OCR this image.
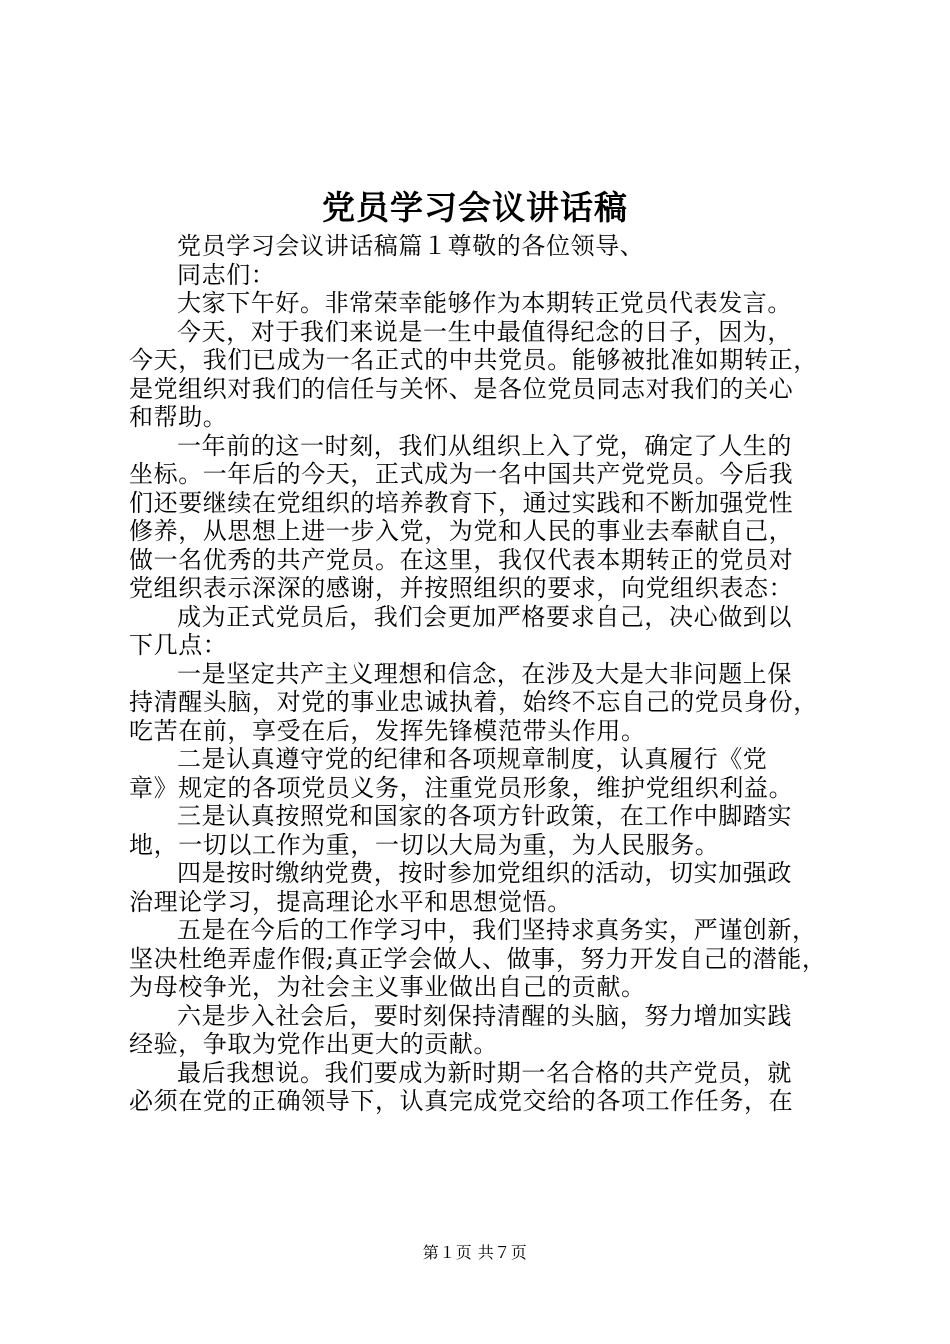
党员学习会议讲话稿

党员学习会议讲话稿篇１尊敬的各位领导、

同志们：

大家下午好。非常荣幸能够作为本期转正党员代表发言。

今天，对于我们来说是一生中最值得纪念的日子，因为，
今天，我们已成为一名正式的中共党员。能够被批准如期转正，
是党组织对我们的信任与关怀、是各位党员同志对我们的关心
和帮助。

一年前的这一时刻，我们从组织上入了党，确定了人生的
坐标。一年后的今天，正式成为一名中国共产党党员。今后我
们还要继续在党组织的培养教育下，通过实践和不断加强党性
修养，从思想上进一步入党，为党和人民的事业去奉献自己，
做一名优秀的共产党员。在这里，我仅代表本期转正的党员对
党组织表示深深的感谢，并按照组织的要求，向党组织表态：

成为正式党员后，我们会更加严格要求自己，决心做到以
下几点：

一是坚定共产主义理想和信念，在涉及大是大非问题上保
持清醒头脑，对党的事业忠诚执着，始终不忘自己的党员身份，
吃苦在前，享受在后，发挥先锋模范带头作用。

二是认真遵守党的纪律和各项规章制度，认真履行《党
章》规定的各项党员义务，注重党员形象，维护党组织利益。

三是认真按照党和国家的各项方针政策，在工作中脚踏实
地，一切以工作为重，一切以大局为重，为人民服务。

四是按时缴纳党费，按时参加党组织的活动，切实加强政
治理论学习，提高理论水平和思想觉悟。

五是在今后的工作学习中，我们坚持求真务实，严谨创新，
坚决杜绝弄虚作假;真正学会做人、做事，努力开发自己的潜能，
为母校争光，为社会主义事业做出自己的贡献。

六是步入社会后，要时刻保持清醒的头脑，努力增加实践
经验，争取为党作出更大的贡献。

最后我想说。我们要成为新时期一名合格的共产党员，就
必须在党的正确领导下，认真完成党交给的各项工作任务，在

第１页 共７页
